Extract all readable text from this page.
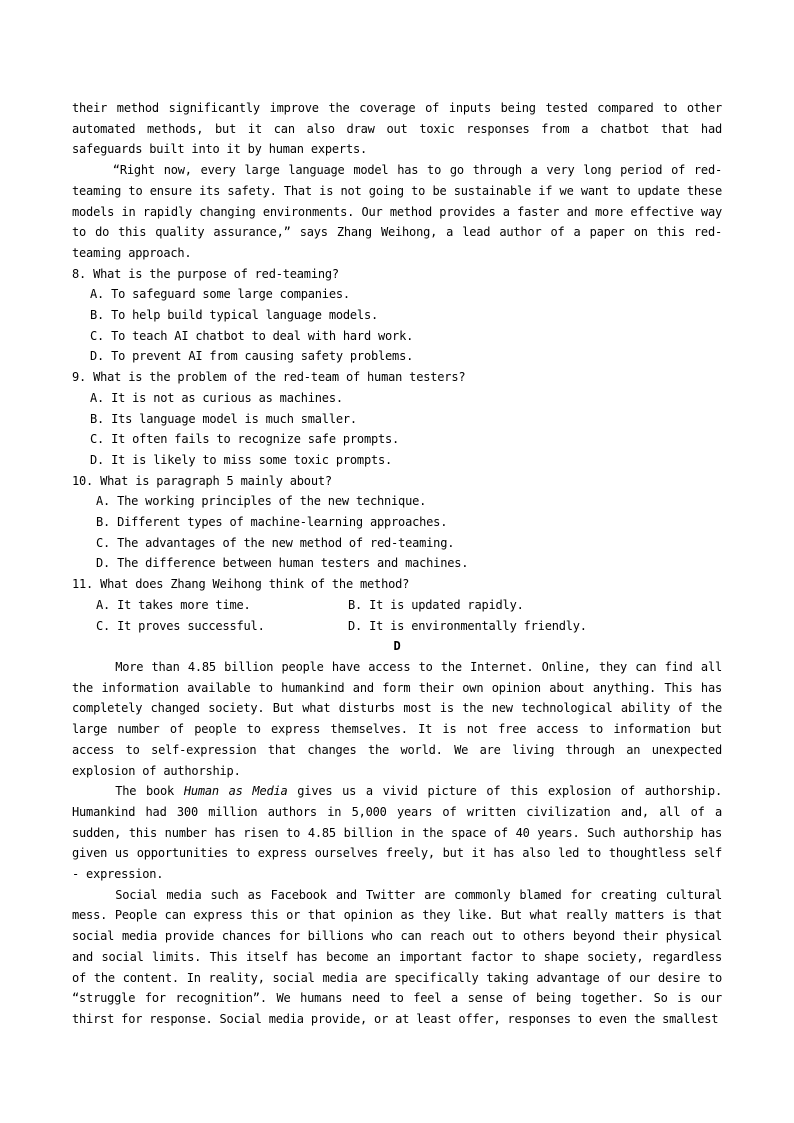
their method significantly improve the coverage of inputs being tested compared to other automated methods, but it can also draw out toxic responses from a chatbot that had safeguards built into it by human experts.

“Right now, every large language model has to go through a very long period of red-teaming to ensure its safety. That is not going to be sustainable if we want to update these models in rapidly changing environments. Our method provides a faster and more effective way to do this quality assurance,” says Zhang Weihong, a lead author of a paper on this red-teaming approach.

8. What is the purpose of red-teaming?

A. To safeguard some large companies.

B. To help build typical language models.

C. To teach AI chatbot to deal with hard work.

D. To prevent AI from causing safety problems.

9. What is the problem of the red-team of human testers?

A. It is not as curious as machines.

B. Its language model is much smaller.

C. It often fails to recognize safe prompts.

D. It is likely to miss some toxic prompts.

10. What is paragraph 5 mainly about?

A. The working principles of the new technique.

B. Different types of machine-learning approaches.

C. The advantages of the new method of red-teaming.

D. The difference between human testers and machines.

11. What does Zhang Weihong think of the method?

A. It takes more time.	B. It is updated rapidly.
C. It proves successful.	D. It is environmentally friendly.

D

More than 4.85 billion people have access to the Internet. Online, they can find all the information available to humankind and form their own opinion about anything. This has completely changed society. But what disturbs most is the new technological ability of the large number of people to express themselves. It is not free access to information but access to self-expression that changes the world. We are living through an unexpected explosion of authorship.

The book Human as Media gives us a vivid picture of this explosion of authorship. Humankind had 300 million authors in 5,000 years of written civilization and, all of a sudden, this number has risen to 4.85 billion in the space of 40 years. Such authorship has given us opportunities to express ourselves freely, but it has also led to thoughtless self - expression.

Social media such as Facebook and Twitter are commonly blamed for creating cultural mess. People can express this or that opinion as they like. But what really matters is that social media provide chances for billions who can reach out to others beyond their physical and social limits. This itself has become an important factor to shape society, regardless of the content. In reality, social media are specifically taking advantage of our desire to “struggle for recognition”. We humans need to feel a sense of being together. So is our thirst for response. Social media provide, or at least offer, responses to even the smallest
